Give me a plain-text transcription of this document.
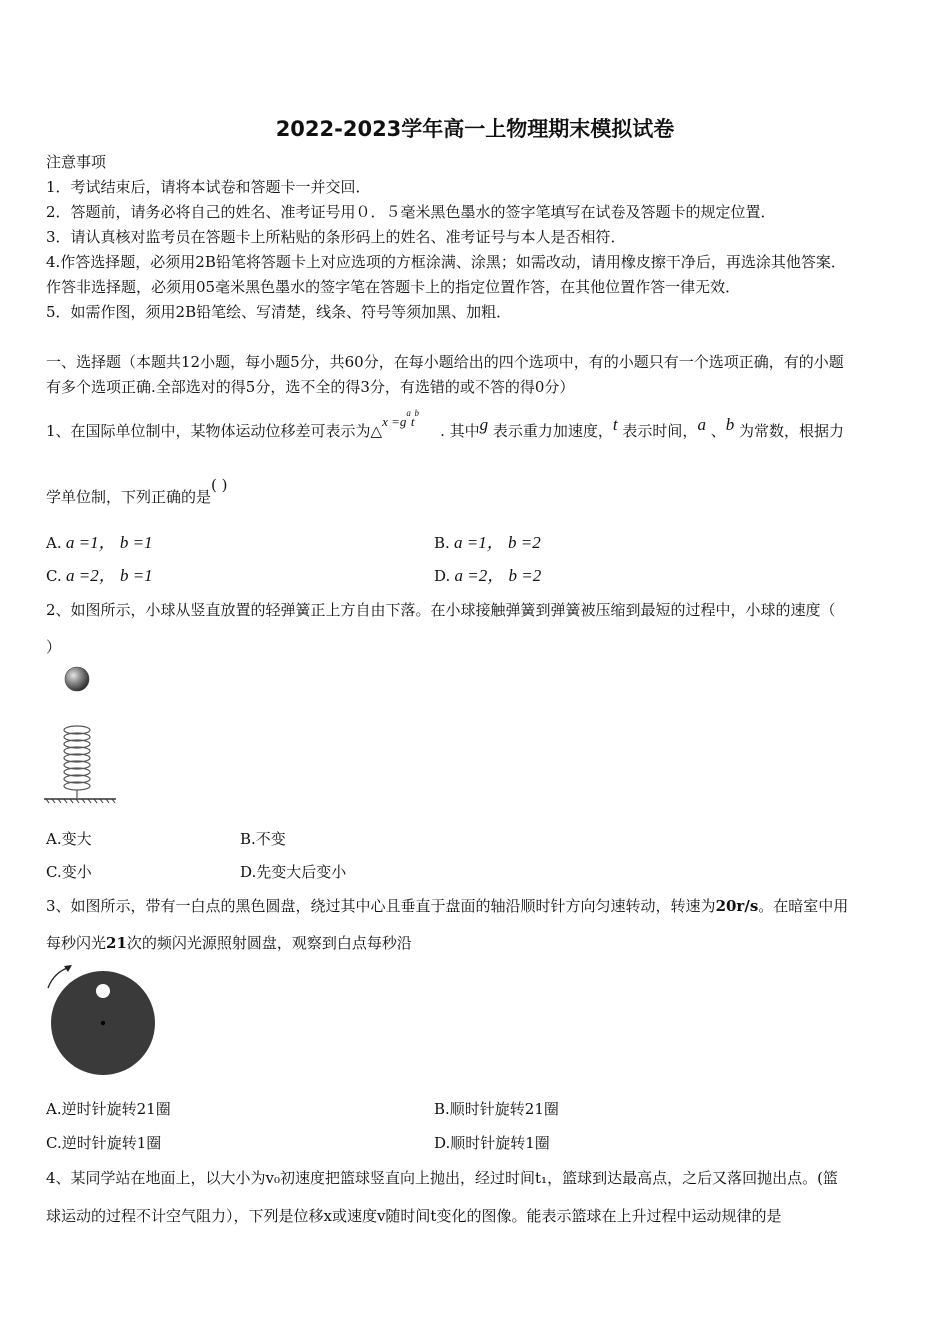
2022-2023学年高一上物理期末模拟试卷
注意事项
1．考试结束后，请将本试卷和答题卡一并交回．
2．答题前，请务必将自己的姓名、准考证号用０．５毫米黑色墨水的签字笔填写在试卷及答题卡的规定位置．
3．请认真核对监考员在答题卡上所粘贴的条形码上的姓名、准考证号与本人是否相符．
4.作答选择题，必须用2B铅笔将答题卡上对应选项的方框涂满、涂黑；如需改动，请用橡皮擦干净后，再选涂其他答案．
作答非选择题，必须用05毫米黑色墨水的签字笔在答题卡上的指定位置作答，在其他位置作答一律无效．
5．如需作图，须用2B铅笔绘、写清楚，线条、符号等须加黑、加粗．
一、选择题（本题共12小题，每小题5分，共60分，在每小题给出的四个选项中，有的小题只有一个选项正确，有的小题
有多个选项正确.全部选对的得5分，选不全的得3分，有选错的或不答的得0分）
1、在国际单位制中，某物体运动位移差可表示为△x $=g^at^b$. 其中g 表示重力加速度，t 表示时间，a 、b 为常数，根据力
学单位制，下列正确的是( )
A. a =1， b =1	B. a =1， b =2
C. a =2， b =1	D. a =2， b =2
2、如图所示，小球从竖直放置的轻弹簧正上方自由下落。在小球接触弹簧到弹簧被压缩到最短的过程中，小球的速度（
）
A.变大	B.不变
C.变小	D.先变大后变小
3、如图所示，带有一白点的黑色圆盘，绕过其中心且垂直于盘面的轴沿顺时针方向匀速转动，转速为20r/s。在暗室中用
每秒闪光21次的频闪光源照射圆盘，观察到白点每秒沿
A.逆时针旋转21圈	B.顺时针旋转21圈
C.逆时针旋转1圈	D.顺时针旋转1圈
4、某同学站在地面上，以大小为v₀初速度把篮球竖直向上抛出，经过时间t₁，篮球到达最高点，之后又落回抛出点。(篮
球运动的过程不计空气阻力），下列是位移x或速度v随时间t变化的图像。能表示篮球在上升过程中运动规律的是
